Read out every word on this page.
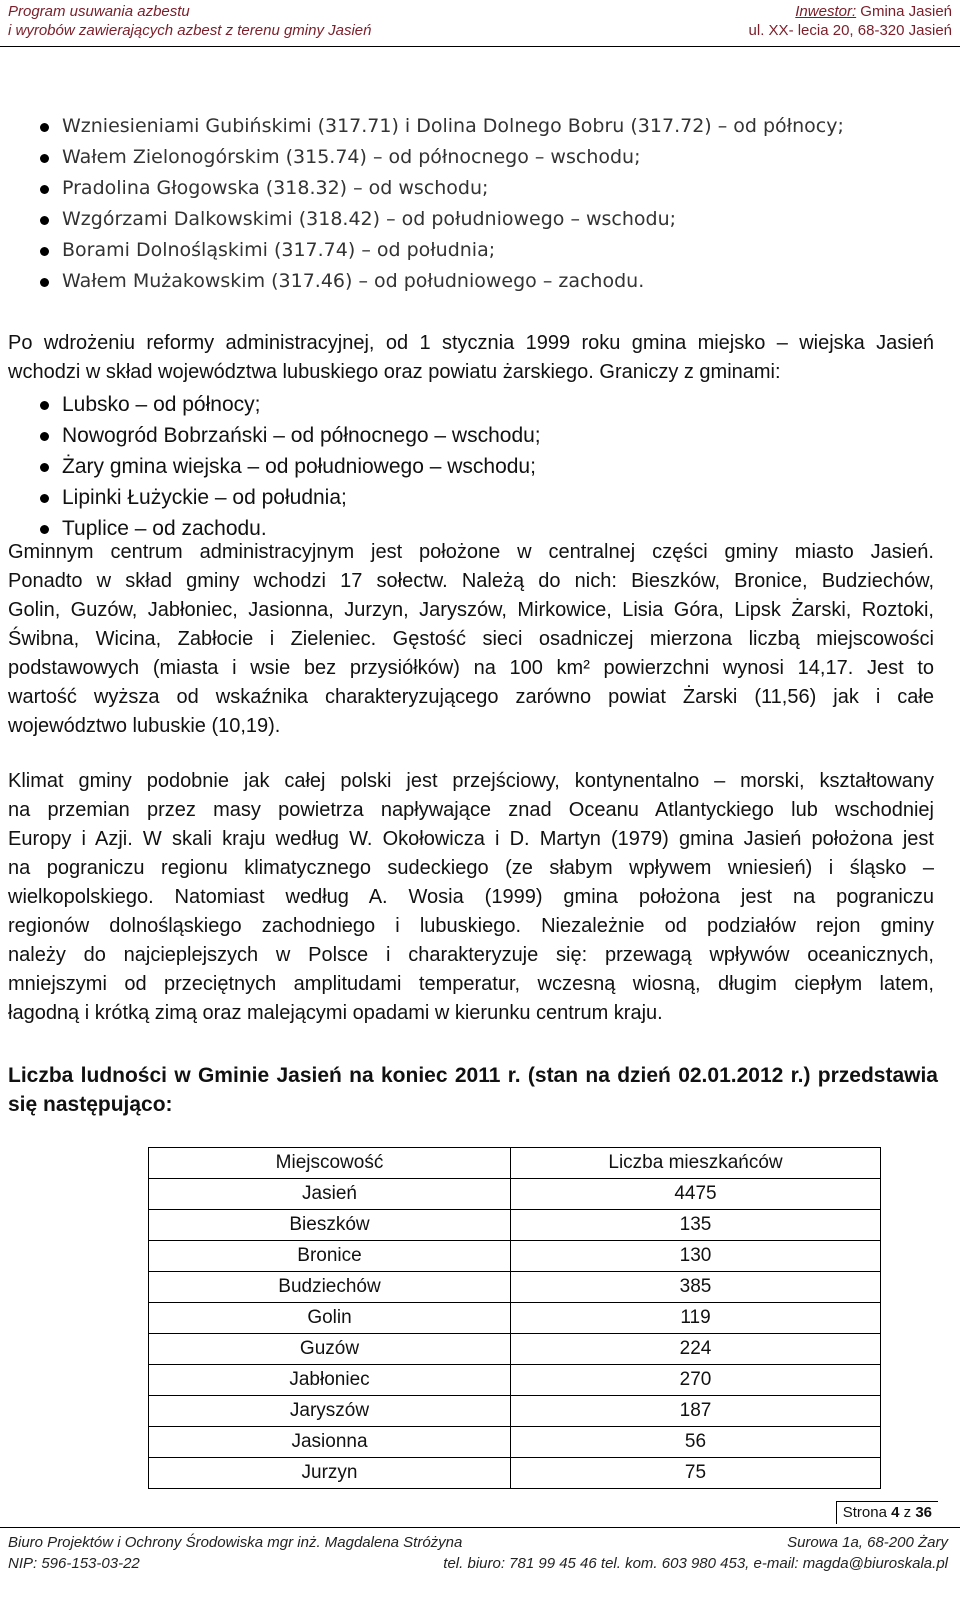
Program usuwania azbestu
i wyrobów zawierających azbest z terenu gminy Jasień
Inwestor: Gmina Jasień
ul. XX- lecia 20, 68-320 Jasień
Wzniesieniami Gubińskimi (317.71) i Dolina Dolnego Bobru (317.72) – od północy;
Wałem Zielonogórskim (315.74) – od północnego – wschodu;
Pradolina Głogowska (318.32) – od wschodu;
Wzgórzami Dalkowskimi (318.42) – od południowego – wschodu;
Borami Dolnośląskimi (317.74) – od południa;
Wałem Mużakowskim (317.46) – od południowego – zachodu.

Po wdrożeniu reformy administracyjnej, od 1 stycznia 1999 roku gmina miejsko – wiejska Jasień
wchodzi w skład województwa lubuskiego oraz powiatu żarskiego. Graniczy z gminami:

Lubsko – od północy;
Nowogród Bobrzański – od północnego – wschodu;
Żary gmina wiejska – od południowego – wschodu;
Lipinki Łużyckie – od południa;
Tuplice – od zachodu.

Gminnym centrum administracyjnym jest położone w centralnej części gminy miasto Jasień.
Ponadto w skład gminy wchodzi 17 sołectw. Należą do nich: Bieszków, Bronice, Budziechów,
Golin, Guzów, Jabłoniec, Jasionna, Jurzyn, Jaryszów, Mirkowice, Lisia Góra, Lipsk Żarski, Roztoki,
Świbna, Wicina, Zabłocie i Zieleniec. Gęstość sieci osadniczej mierzona liczbą miejscowości
podstawowych (miasta i wsie bez przysiółków) na 100 km² powierzchni wynosi 14,17. Jest to
wartość wyższa od wskaźnika charakteryzującego zarówno powiat Żarski (11,56) jak i całe
województwo lubuskie (10,19).

Klimat gminy podobnie jak całej polski jest przejściowy, kontynentalno – morski, kształtowany
na przemian przez masy powietrza napływające znad Oceanu Atlantyckiego lub wschodniej
Europy i Azji. W skali kraju według W. Okołowicza i D. Martyn (1979) gmina Jasień położona jest
na pograniczu regionu klimatycznego sudeckiego (ze słabym wpływem wniesień) i śląsko –
wielkopolskiego. Natomiast według A. Wosia (1999) gmina położona jest na pograniczu
regionów dolnośląskiego zachodniego i lubuskiego. Niezależnie od podziałów rejon gminy
należy do najcieplejszych w Polsce i charakteryzuje się: przewagą wpływów oceanicznych,
mniejszymi od przeciętnych amplitudami temperatur, wczesną wiosną, długim ciepłym latem,
łagodną i krótką zimą oraz malejącymi opadami w kierunku centrum kraju.

Liczba ludności w Gminie Jasień na koniec 2011 r. (stan na dzień 02.01.2012 r.) przedstawia
się następująco:

Miejscowość	Liczba mieszkańców
Jasień	4475
Bieszków	135
Bronice	130
Budziechów	385
Golin	119
Guzów	224
Jabłoniec	270
Jaryszów	187
Jasionna	56
Jurzyn	75
Strona 4 z 36
Biuro Projektów i Ochrony Środowiska mgr inż. Magdalena Stróżyna
NIP: 596-153-03-22
Surowa 1a, 68-200 Żary
tel. biuro: 781 99 45 46 tel. kom. 603 980 453, e-mail: magda@biuroskala.pl
